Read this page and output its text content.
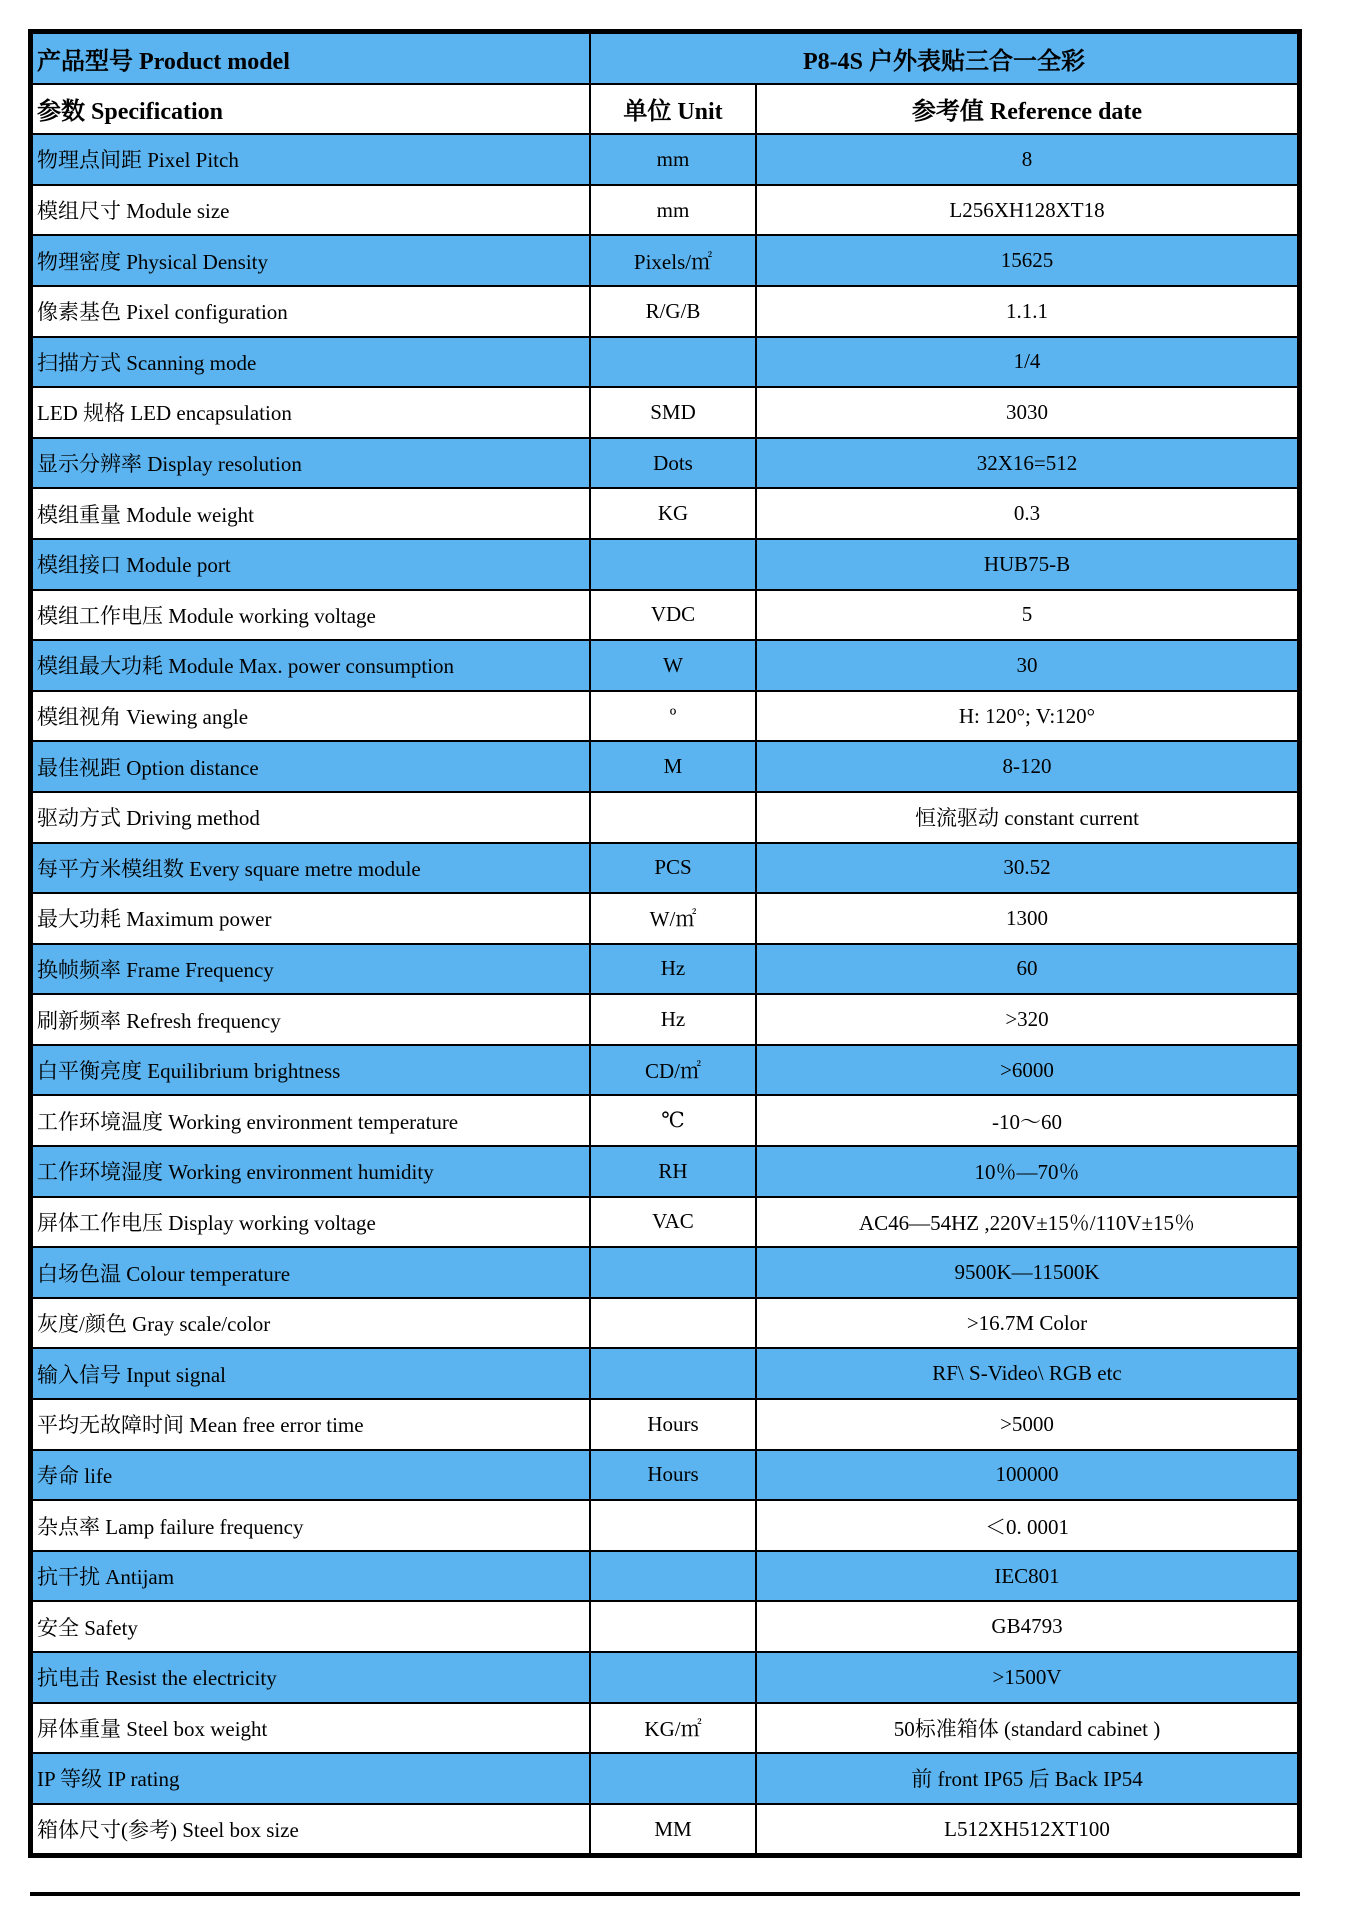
产品型号 Product model	P8-4S 户外表贴三合一全彩	
参数 Specification	单位 Unit	参考值 Reference date
物理点间距 Pixel Pitch	mm	8
模组尺寸 Module size	mm	L256XH128XT18
物理密度 Physical Density	Pixels/㎡	15625
像素基色 Pixel configuration	R/G/B	1.1.1
扫描方式 Scanning mode		1/4
LED 规格 LED encapsulation	SMD	3030
显示分辨率 Display resolution	Dots	32X16=512
模组重量 Module weight	KG	0.3
模组接口 Module port		HUB75-B
模组工作电压 Module working voltage	VDC	5
模组最大功耗 Module Max. power consumption	W	30
模组视角 Viewing angle	º	H: 120°; V:120°
最佳视距 Option distance	M	8-120
驱动方式 Driving method		恒流驱动 constant current
每平方米模组数 Every square metre module	PCS	30.52
最大功耗 Maximum power	W/㎡	1300
换帧频率 Frame Frequency	Hz	60
刷新频率 Refresh frequency	Hz	>320
白平衡亮度 Equilibrium brightness	CD/㎡	>6000
工作环境温度 Working environment temperature	℃	-10～60
工作环境湿度 Working environment humidity	RH	10％—70％
屏体工作电压 Display working voltage	VAC	AC46—54HZ ,220V±15％/110V±15％
白场色温 Colour temperature		9500K—11500K
灰度/颜色 Gray scale/color		>16.7M Color
输入信号 Input signal		RF\ S-Video\ RGB etc
平均无故障时间 Mean free error time	Hours	>5000
寿命 life	Hours	100000
杂点率 Lamp failure frequency		＜0. 0001
抗干扰 Antijam		IEC801
安全 Safety		GB4793
抗电击 Resist the electricity		>1500V
屏体重量 Steel box weight	KG/㎡	50标准箱体 (standard cabinet )
IP 等级 IP rating		前 front IP65 后 Back IP54
箱体尺寸(参考) Steel box size	MM	L512XH512XT100
